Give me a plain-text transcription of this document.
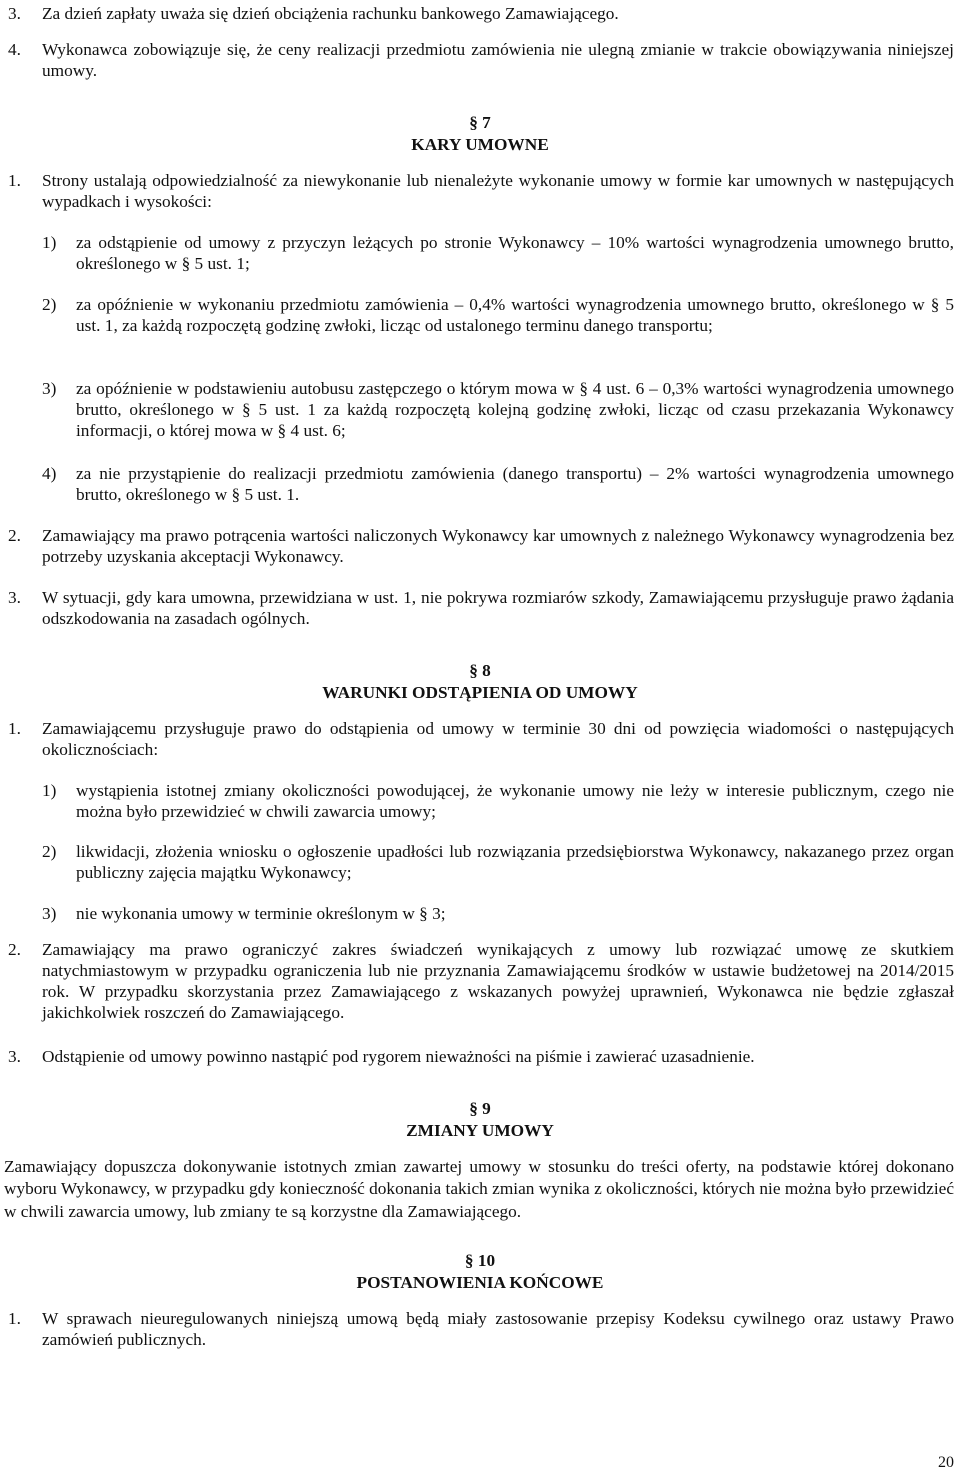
3.	Za dzień zapłaty uważa się dzień obciążenia rachunku bankowego Zamawiającego.

4.	Wykonawca zobowiązuje się, że ceny realizacji przedmiotu zamówienia nie ulegną zmianie w trakcie obowiązywania niniejszej umowy.

§ 7
KARY UMOWNE
1.	Strony ustalają odpowiedzialność za niewykonanie lub nienależyte wykonanie umowy w formie kar umownych w następujących wypadkach i wysokości:

1)	za odstąpienie od umowy z przyczyn leżących po stronie Wykonawcy – 10% wartości wynagrodzenia umownego brutto, określonego w § 5 ust. 1;

2)	za opóźnienie w wykonaniu przedmiotu zamówienia – 0,4% wartości wynagrodzenia umownego brutto, określonego w § 5 ust. 1, za każdą rozpoczętą godzinę zwłoki, licząc od ustalonego terminu danego transportu;

3)	za opóźnienie w podstawieniu autobusu zastępczego o którym mowa w § 4 ust. 6 – 0,3% wartości wynagrodzenia umownego brutto, określonego w § 5 ust. 1 za każdą rozpoczętą kolejną godzinę zwłoki, licząc od czasu przekazania Wykonawcy informacji, o której mowa w § 4 ust. 6;

4)	za nie przystąpienie do realizacji przedmiotu zamówienia (danego transportu) – 2% wartości wynagrodzenia umownego brutto, określonego w § 5 ust. 1.

2.	Zamawiający ma prawo potrącenia wartości naliczonych Wykonawcy kar umownych z należnego Wykonawcy wynagrodzenia bez potrzeby uzyskania akceptacji Wykonawcy.

3.	W sytuacji, gdy kara umowna, przewidziana w ust. 1, nie pokrywa rozmiarów szkody, Zamawiającemu przysługuje prawo żądania odszkodowania na zasadach ogólnych.

§ 8
WARUNKI ODSTĄPIENIA OD UMOWY
1.	Zamawiającemu przysługuje prawo do odstąpienia od umowy w terminie 30 dni od powzięcia wiadomości o następujących okolicznościach:

1)	wystąpienia istotnej zmiany okoliczności powodującej, że wykonanie umowy nie leży w interesie publicznym, czego nie można było przewidzieć w chwili zawarcia umowy;

2)	likwidacji, złożenia wniosku o ogłoszenie upadłości lub rozwiązania przedsiębiorstwa Wykonawcy, nakazanego przez organ publiczny zajęcia majątku Wykonawcy;

3)	nie wykonania umowy w terminie określonym w § 3;

2.	Zamawiający ma prawo ograniczyć zakres świadczeń wynikających z umowy lub rozwiązać umowę ze skutkiem natychmiastowym w przypadku ograniczenia lub nie przyznania Zamawiającemu środków w ustawie budżetowej na 2014/2015 rok. W przypadku skorzystania przez Zamawiającego z wskazanych powyżej uprawnień, Wykonawca nie będzie zgłaszał jakichkolwiek roszczeń do Zamawiającego.

3.	Odstąpienie od umowy powinno nastąpić pod rygorem nieważności na piśmie i zawierać uzasadnienie.

§ 9
ZMIANY UMOWY

Zamawiający dopuszcza dokonywanie istotnych zmian zawartej umowy w stosunku do treści oferty, na podstawie której dokonano wyboru Wykonawcy, w przypadku gdy konieczność dokonania takich zmian wynika z okoliczności, których nie można było przewidzieć w chwili zawarcia umowy, lub zmiany te są korzystne dla Zamawiającego.

§ 10
POSTANOWIENIA KOŃCOWE
1.	W sprawach nieuregulowanych niniejszą umową będą miały zastosowanie przepisy Kodeksu cywilnego oraz ustawy Prawo zamówień publicznych.

20
